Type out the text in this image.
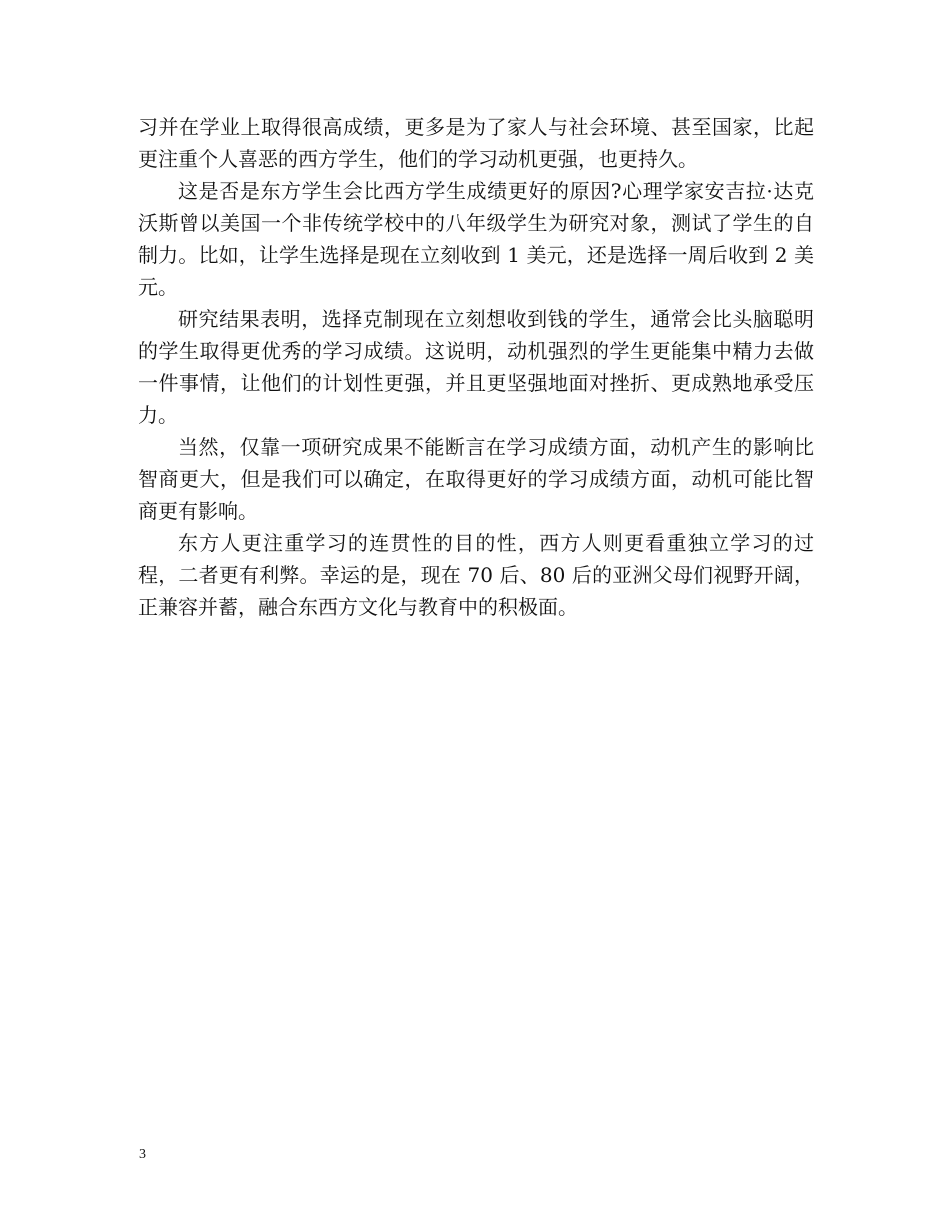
习并在学业上取得很高成绩，更多是为了家人与社会环境、甚至国家，比起更注重个人喜恶的西方学生，他们的学习动机更强，也更持久。

这是否是东方学生会比西方学生成绩更好的原因?心理学家安吉拉·达克沃斯曾以美国一个非传统学校中的八年级学生为研究对象，测试了学生的自制力。比如，让学生选择是现在立刻收到 1 美元，还是选择一周后收到 2 美元。

研究结果表明，选择克制现在立刻想收到钱的学生，通常会比头脑聪明的学生取得更优秀的学习成绩。这说明，动机强烈的学生更能集中精力去做一件事情，让他们的计划性更强，并且更坚强地面对挫折、更成熟地承受压力。

当然，仅靠一项研究成果不能断言在学习成绩方面，动机产生的影响比智商更大，但是我们可以确定，在取得更好的学习成绩方面，动机可能比智商更有影响。

东方人更注重学习的连贯性的目的性，西方人则更看重独立学习的过程，二者更有利弊。幸运的是，现在 70 后、80 后的亚洲父母们视野开阔，正兼容并蓄，融合东西方文化与教育中的积极面。

3
